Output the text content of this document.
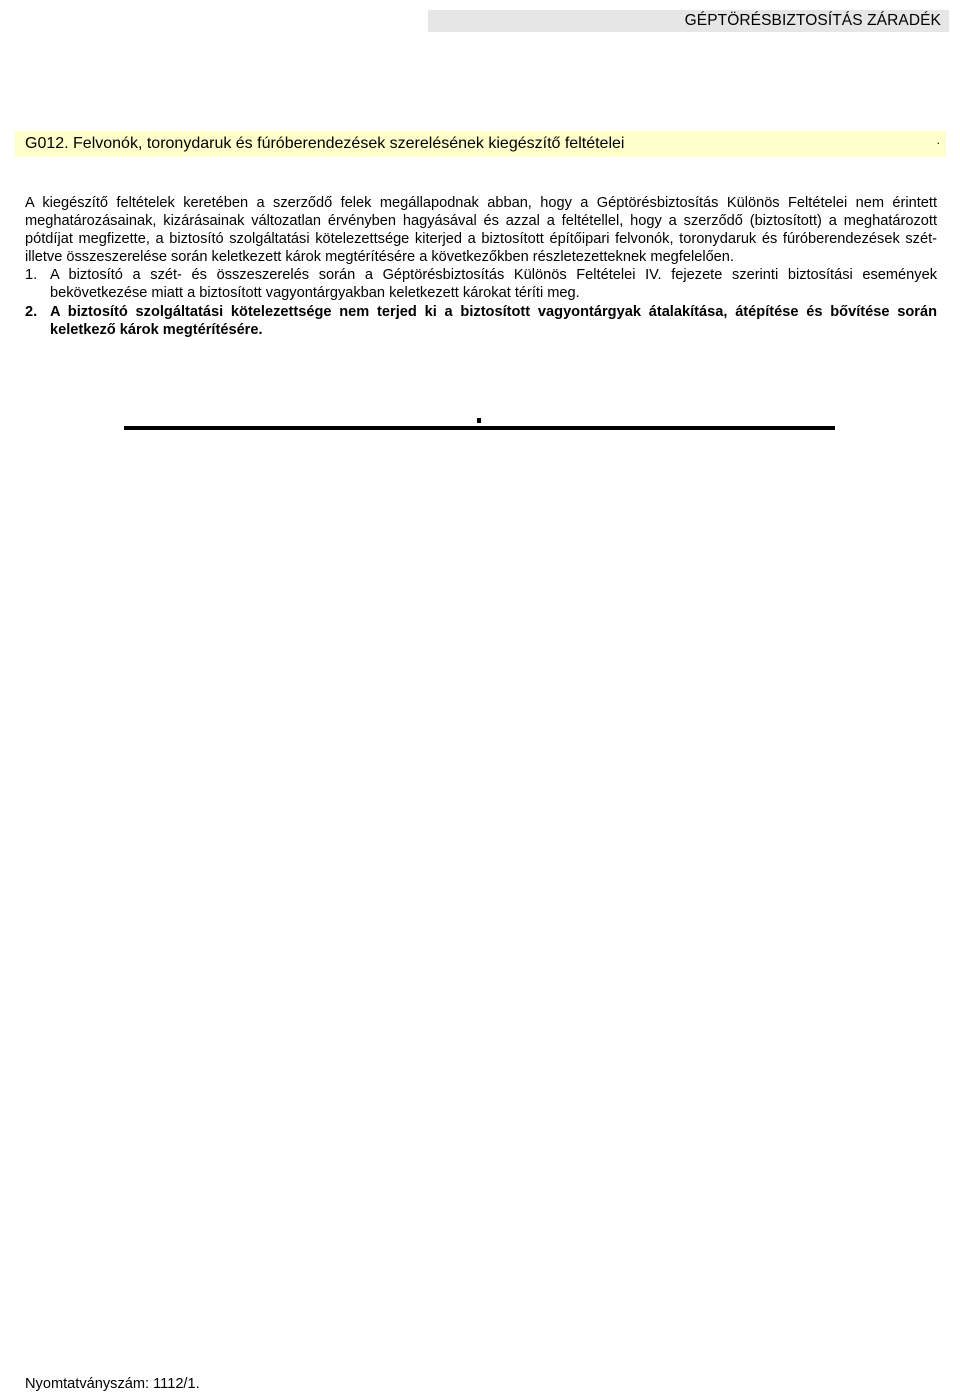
GÉPTÖRÉSBIZTOSÍTÁS ZÁRADÉK
G012. Felvonók, toronydaruk és fúróberendezések szerelésének kiegészítő feltételei	.

A kiegészítő feltételek keretében a szerződő felek megállapodnak abban, hogy a Géptörésbiztosítás Különös Feltételei nem érintett meghatározásainak, kizárásainak változatlan érvényben hagyásával és azzal a feltétellel, hogy a szerződő (biztosított) a meghatározott pótdíjat megfizette, a biztosító szolgáltatási kötelezettsége kiterjed a biztosított építőipari felvonók, toronydaruk és fúróberendezések szét- illetve összeszerelése során keletkezett károk megtérítésére a következőkben részletezetteknek megfelelően.

1. A biztosító a szét- és összeszerelés során a Géptörésbiztosítás Különös Feltételei IV. fejezete szerinti biztosítási események bekövetkezése miatt a biztosított vagyontárgyakban keletkezett károkat téríti meg.
2. A biztosító szolgáltatási kötelezettsége nem terjed ki a biztosított vagyontárgyak átalakítása, átépítése és bővítése során keletkező károk megtérítésére.
Nyomtatványszám: 1112/1.
